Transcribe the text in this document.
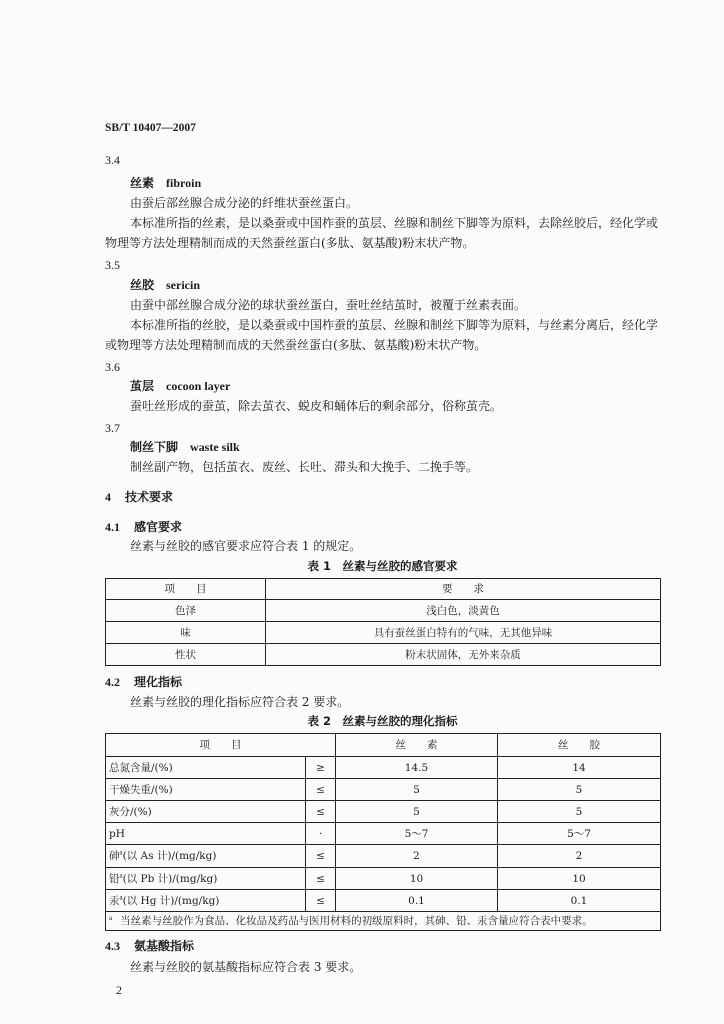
SB/T 10407—2007
3.4
丝素 fibroin
由蚕后部丝腺合成分泌的纤维状蚕丝蛋白。
本标准所指的丝素，是以桑蚕或中国柞蚕的茧层、丝腺和制丝下脚等为原料，去除丝胶后，经化学或
物理等方法处理精制而成的天然蚕丝蛋白(多肽、氨基酸)粉末状产物。
3.5
丝胶 sericin
由蚕中部丝腺合成分泌的球状蚕丝蛋白，蚕吐丝结茧时，被覆于丝素表面。
本标准所指的丝胶，是以桑蚕或中国柞蚕的茧层、丝腺和制丝下脚等为原料，与丝素分离后，经化学
或物理等方法处理精制而成的天然蚕丝蛋白(多肽、氨基酸)粉末状产物。
3.6
茧层 cocoon layer
蚕吐丝形成的蚕茧，除去茧衣、蜕皮和蛹体后的剩余部分，俗称茧壳。
3.7
制丝下脚 waste silk
制丝副产物，包括茧衣、废丝、长吐、滞头和大挽手、二挽手等。
4 技术要求
4.1 感官要求
丝素与丝胶的感官要求应符合表 1 的规定。
表 1　丝素与丝胶的感官要求
项　　目	要　　求
色泽	浅白色，淡黄色
味	具有蚕丝蛋白特有的气味，无其他异味
性状	粉末状固体，无外来杂质
4.2 理化指标
丝素与丝胶的理化指标应符合表 2 要求。
表 2　丝素与丝胶的理化指标
项　　目		丝　　素	丝　　胶
总氮含量/(%)	≥	14.5	14
干燥失重/(%)	≤	5	5
灰分/(%)	≤	5	5
pH	·	5～7	5～7
砷$^a$(以 As 计)/(mg/kg)	≤	2	2
铅$^a$(以 Pb 计)/(mg/kg)	≤	10	10
汞$^a$(以 Hg 计)/(mg/kg)	≤	0.1	0.1
$^a$ 当丝素与丝胶作为食品、化妆品及药品与医用材料的初级原料时，其砷、铅、汞含量应符合表中要求。			
4.3 氨基酸指标
丝素与丝胶的氨基酸指标应符合表 3 要求。
2
